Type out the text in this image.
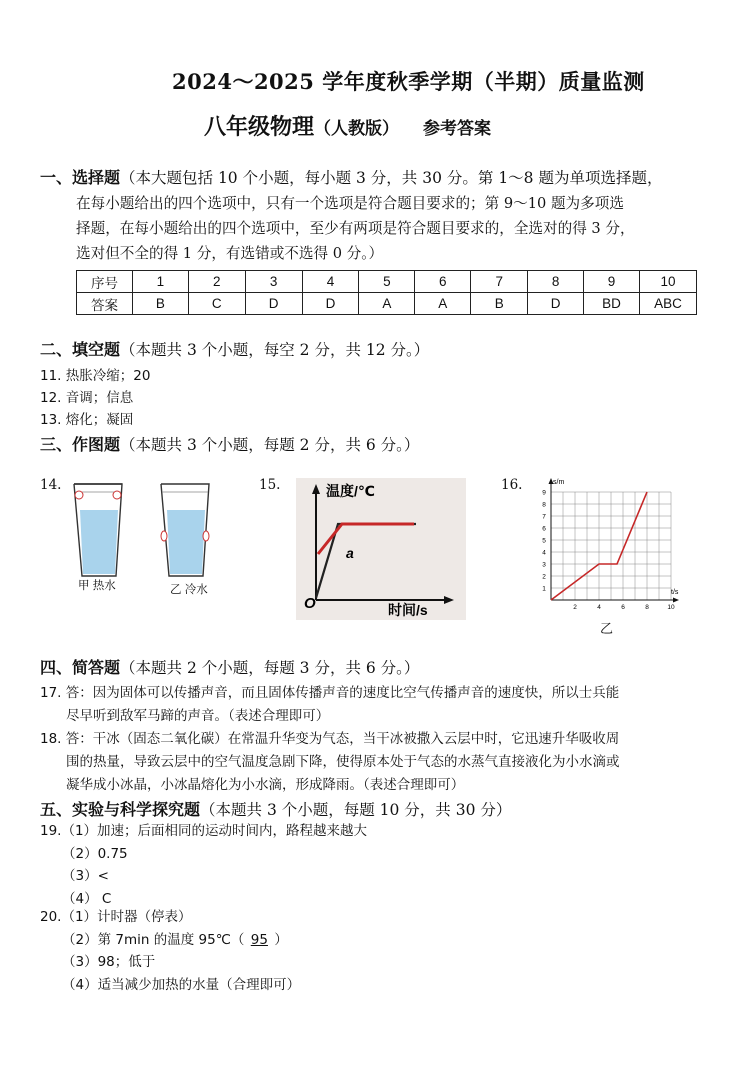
2024～2025 学年度秋季学期（半期）质量监测
八年级物理（人教版） 参考答案
一、选择题（本大题包括 10 个小题，每小题 3 分，共 30 分。第 1～8 题为单项选择题，
在每小题给出的四个选项中，只有一个选项是符合题目要求的；第 9～10 题为多项选
择题，在每小题给出的四个选项中，至少有两项是符合题目要求的，全选对的得 3 分，
选对但不全的得 1 分，有选错或不选得 0 分。）
序号	1	2	3	4	5	6	7	8	9	10
答案	B	C	D	D	A	A	B	D	BD	ABC
二、填空题（本题共 3 个小题，每空 2 分，共 12 分。）
11. 热胀冷缩；20
12. 音调；信息
13. 熔化；凝固
三、作图题（本题共 3 个小题，每题 2 分，共 6 分。）
14.
甲 热水	乙 冷水
15.	温度/℃
O	时间/s
a
16.	s/m
t/s
1
2
3
4
5
6
7
8
9
2	4	6	8	10
乙
四、简答题（本题共 2 个小题，每题 3 分，共 6 分。）
17. 答：因为固体可以传播声音，而且固体传播声音的速度比空气传播声音的速度快，所以士兵能
尽早听到敌军马蹄的声音。（表述合理即可）
18. 答：干冰（固态二氧化碳）在常温升华变为气态，当干冰被撒入云层中时，它迅速升华吸收周
围的热量，导致云层中的空气温度急剧下降，使得原本处于气态的水蒸气直接液化为小水滴或
凝华成小冰晶，小冰晶熔化为小水滴，形成降雨。（表述合理即可）
五、实验与科学探究题（本题共 3 个小题，每题 10 分，共 30 分）
19.（1）加速；后面相同的运动时间内，路程越来越大
（2）0.75
（3）<
（4） C
20.（1）计时器（停表）
（2）第 7min 的温度 95℃（ 95 ）
（3）98；低于
（4）适当减少加热的水量（合理即可）
